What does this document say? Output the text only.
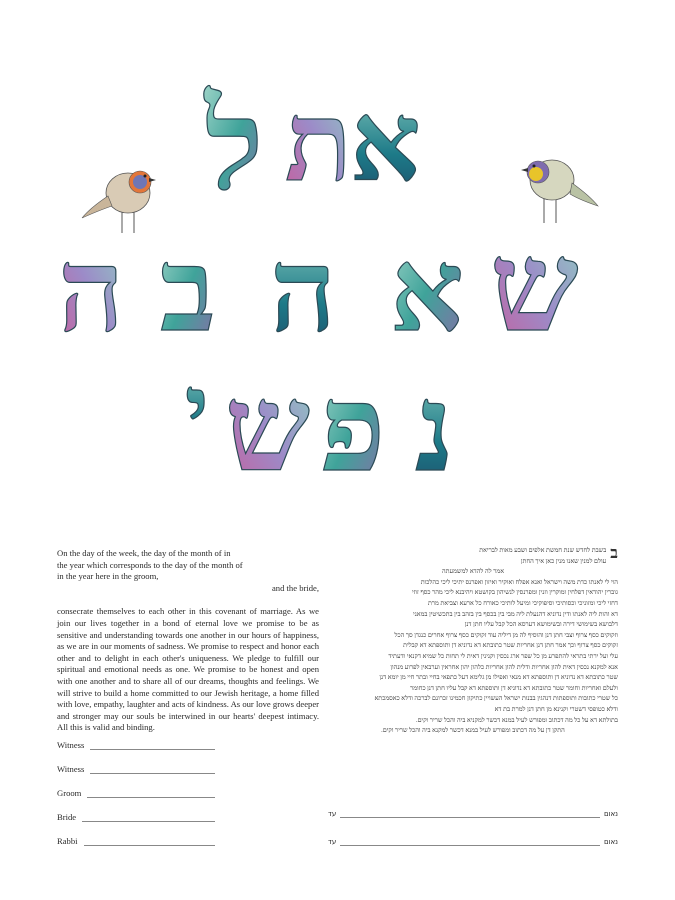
ל ת
א
ש
א
ה
ב
ה
נ
פ
ש
י
On the day of the week, the day of the month of in
the year which corresponds to the day of the month of
in the year here in the groom,
and the bride,
consecrate themselves to each other in this covenant of marriage. As we join our lives together in a bond of eternal love we promise to be as sensitive and understanding towards one another in our hours of happiness, as we are in our moments of sadness. We promise to respect and honor each other and to delight in each other's uniqueness. We pledge to fulfill our spiritual and emotional needs as one. We promise to be honest and open with one another and to share all of our dreams, thoughts and feelings. We will strive to build a home committed to our Jewish heritage, a home filled with love, empathy, laughter and acts of kindness. As our love grows deeper and stronger may our souls be interwined in our hearts' deepest intimacy. All this is valid and binding.
Witness
Witness
Groom
Bride
Rabbi
ב
בשבת לחדש שנת חמשת אלפים ושבע מאות לבריאת
עולם למנין שאנו מנין כאן איך החתן
אמר לה להדא למשמעתה
הוי לי לאנתו כדת משה וישראל ואנא אפלח ואוקיר ואיזון ואפרנס יתיכי ליכי כהלכות
גוברין יהודאין דפלחין ומוקרין וזנין ומפרנסין לנשיהון בקושטא ויהיבנא ליכי מהר כסף זוזי
דחזי ליכי ומזוניכי וכסותיכי וסיפוקיכי ומיעל לותיכי כאורח כל ארעא וצביאת מרת
דא והות ליה לאנתו ודין נדוניא דהנעלת ליה מבי בין בכסף בין בזהב בין בתכשיטין במאני
דלבושא בשימושי דירה ובשימושא דערסא הכל קבל עליו חתן דנן
וזקוקים כסף צרוף וצבי חתן דנן והוסיף לה מן דיליה עוד זקוקים כסף צרוף אחרים כנגדן סך הכל
זקוקים כסף צרוף וכך אמר חתן דנן אחריות שטר כתובתא דא נדוניא דן ותוספתא דא קבלית
עלי ועל ירתי בתראי להתפרע מן כל שפר ארג נכסין וקנינין דאית לי תחות כל שמיא דקנאי ודעתיד
אנא למקנא נכסין דאית להון אחריות ודלית להון אחריות כלהון יהון אחראין וערבאין לפרוע מנהון
שטר כתובתא דא נדוניא דן ותוספתא דא מנאי ואפילו מן גלימא דעל כתפאי בחיי ובתר חיי מן יומא דנן
ולעלם ואחריות וחומר שטר כתובתא דא נדוניא דן ותוספתא דא קבל עליו חתן דנן כחומר
כל שטרי כתובות ותוספתות דנהגין בבנות ישראל העשויין כתיקון חכמינו זכרונם לברכה ודלא כאסמכתא
ודלא כטופסי דשטרי וקנינא מן חתן דנן למרת בת דא
בתולתא דא על כל מה דכתוב ומפורש לעיל במנא דכשר למקניא ביה והכל שריר וקים.
התקן דן על מה דכתוב ומפורש לעיל במנא דכשר למקנא ביה והכל שריר וקים.
נאום
עד
נאום
עד
